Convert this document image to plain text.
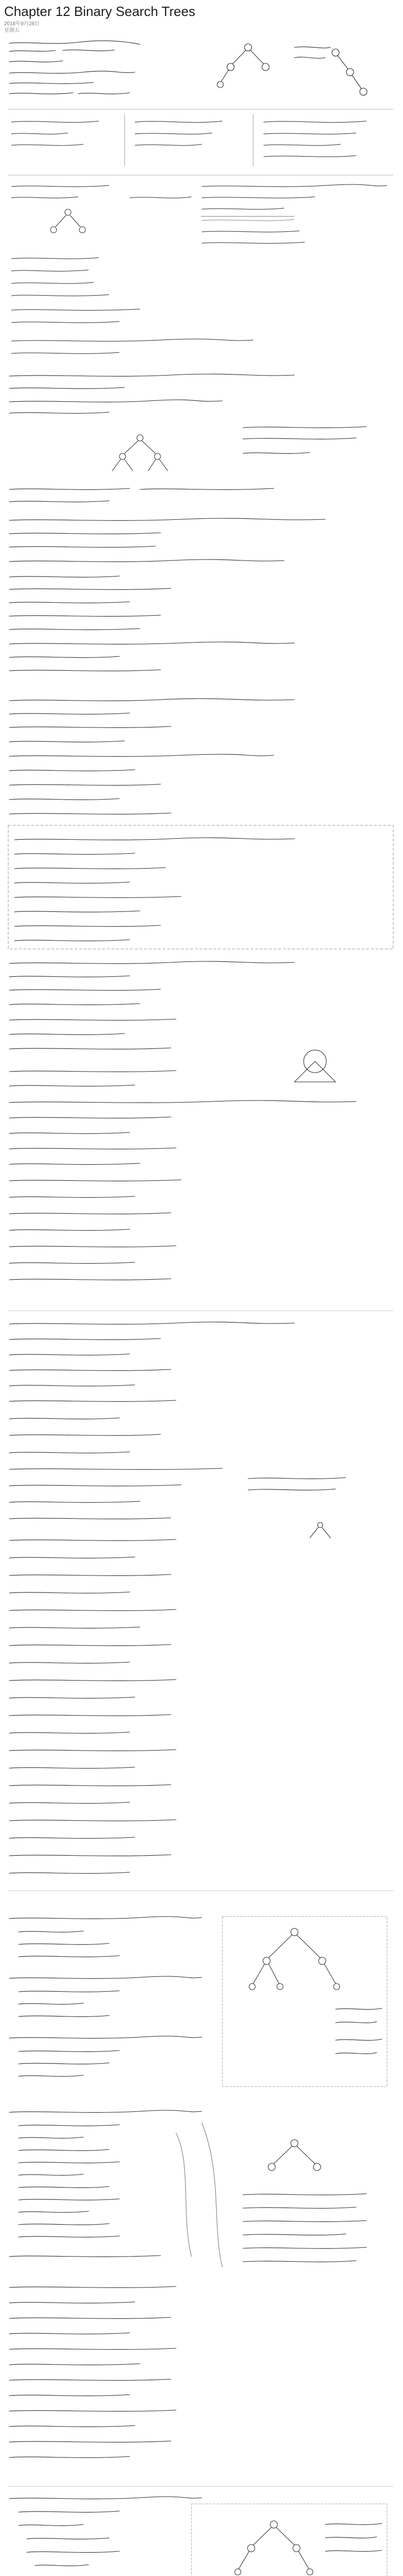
Chapter 12 Binary Search Trees
2018年9月28日
星期五
